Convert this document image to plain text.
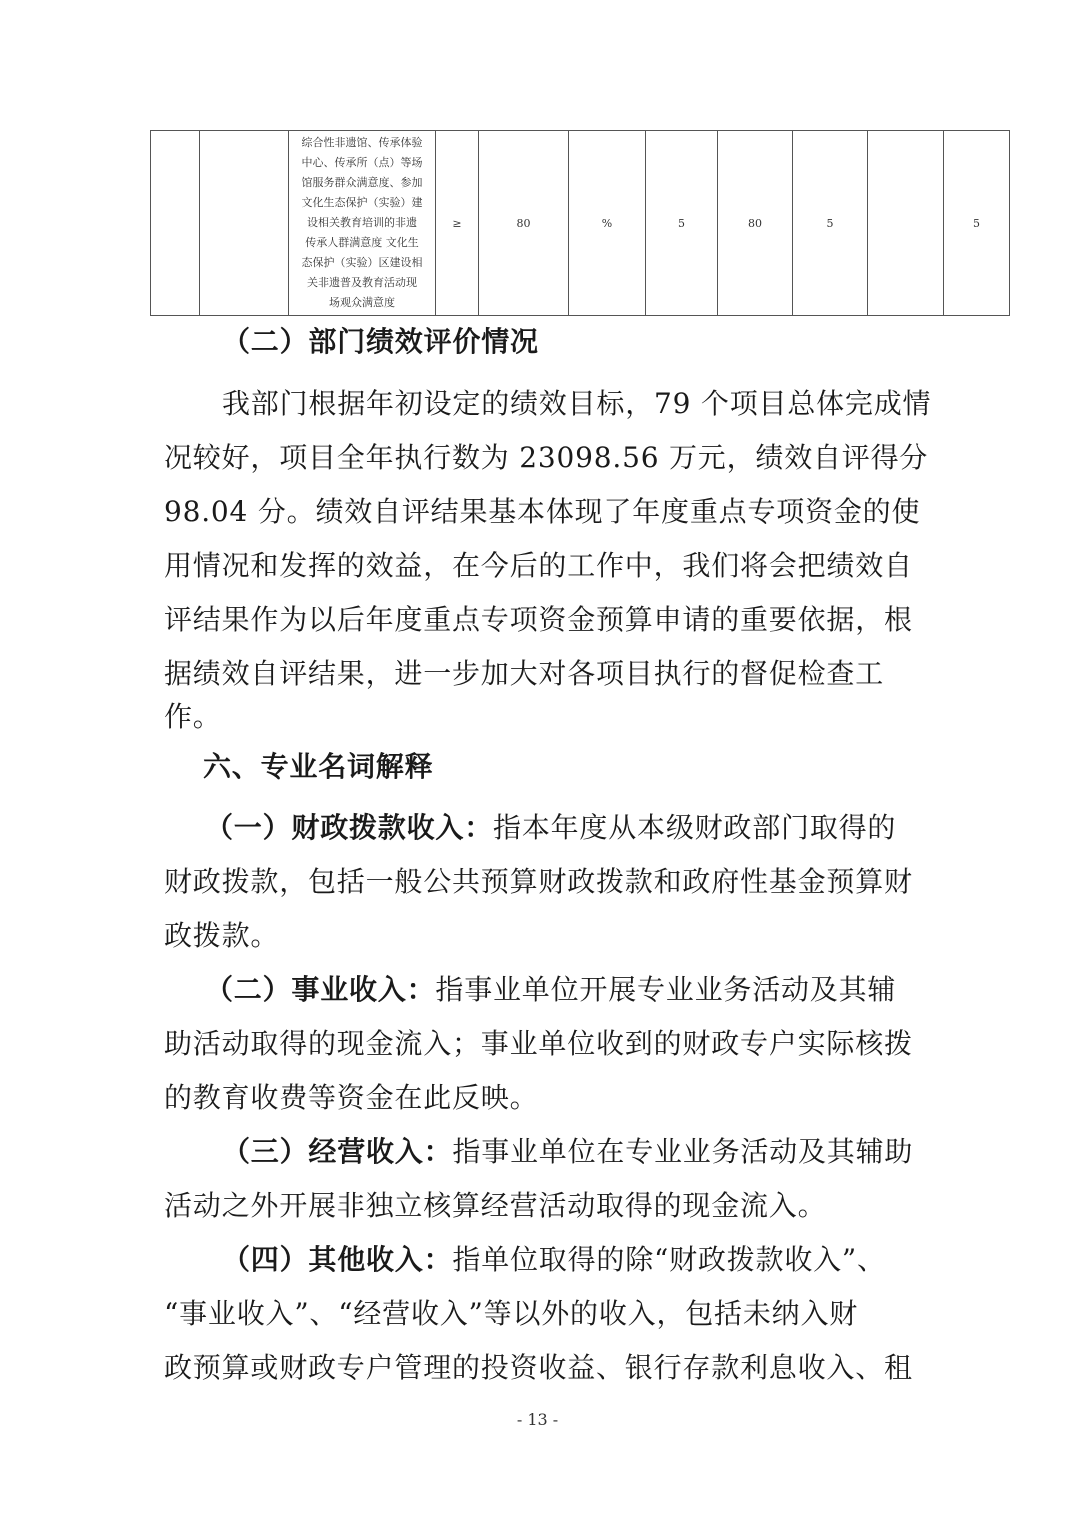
		综合性非遗馆、传承体验
中心、传承所（点）等场
馆服务群众满意度、参加
文化生态保护（实验）建
设相关教育培训的非遗
传承人群满意度 文化生
态保护（实验）区建设相
关非遗普及教育活动现
场观众满意度	≥	80	%	5	80	5		5
（二）部门绩效评价情况
我部门根据年初设定的绩效目标，79 个项目总体完成情
况较好，项目全年执行数为 23098.56 万元，绩效自评得分
98.04 分。绩效自评结果基本体现了年度重点专项资金的使
用情况和发挥的效益，在今后的工作中，我们将会把绩效自
评结果作为以后年度重点专项资金预算申请的重要依据，根
据绩效自评结果，进一步加大对各项目执行的督促检查工
作。
六、专业名词解释
（一）财政拨款收入：指本年度从本级财政部门取得的
财政拨款，包括一般公共预算财政拨款和政府性基金预算财
政拨款。
（二）事业收入：指事业单位开展专业业务活动及其辅
助活动取得的现金流入；事业单位收到的财政专户实际核拨
的教育收费等资金在此反映。
（三）经营收入：指事业单位在专业业务活动及其辅助
活动之外开展非独立核算经营活动取得的现金流入。
（四）其他收入：指单位取得的除“财政拨款收入”、
“事业收入”、“经营收入”等以外的收入，包括未纳入财
政预算或财政专户管理的投资收益、银行存款利息收入、租
- 13 -
